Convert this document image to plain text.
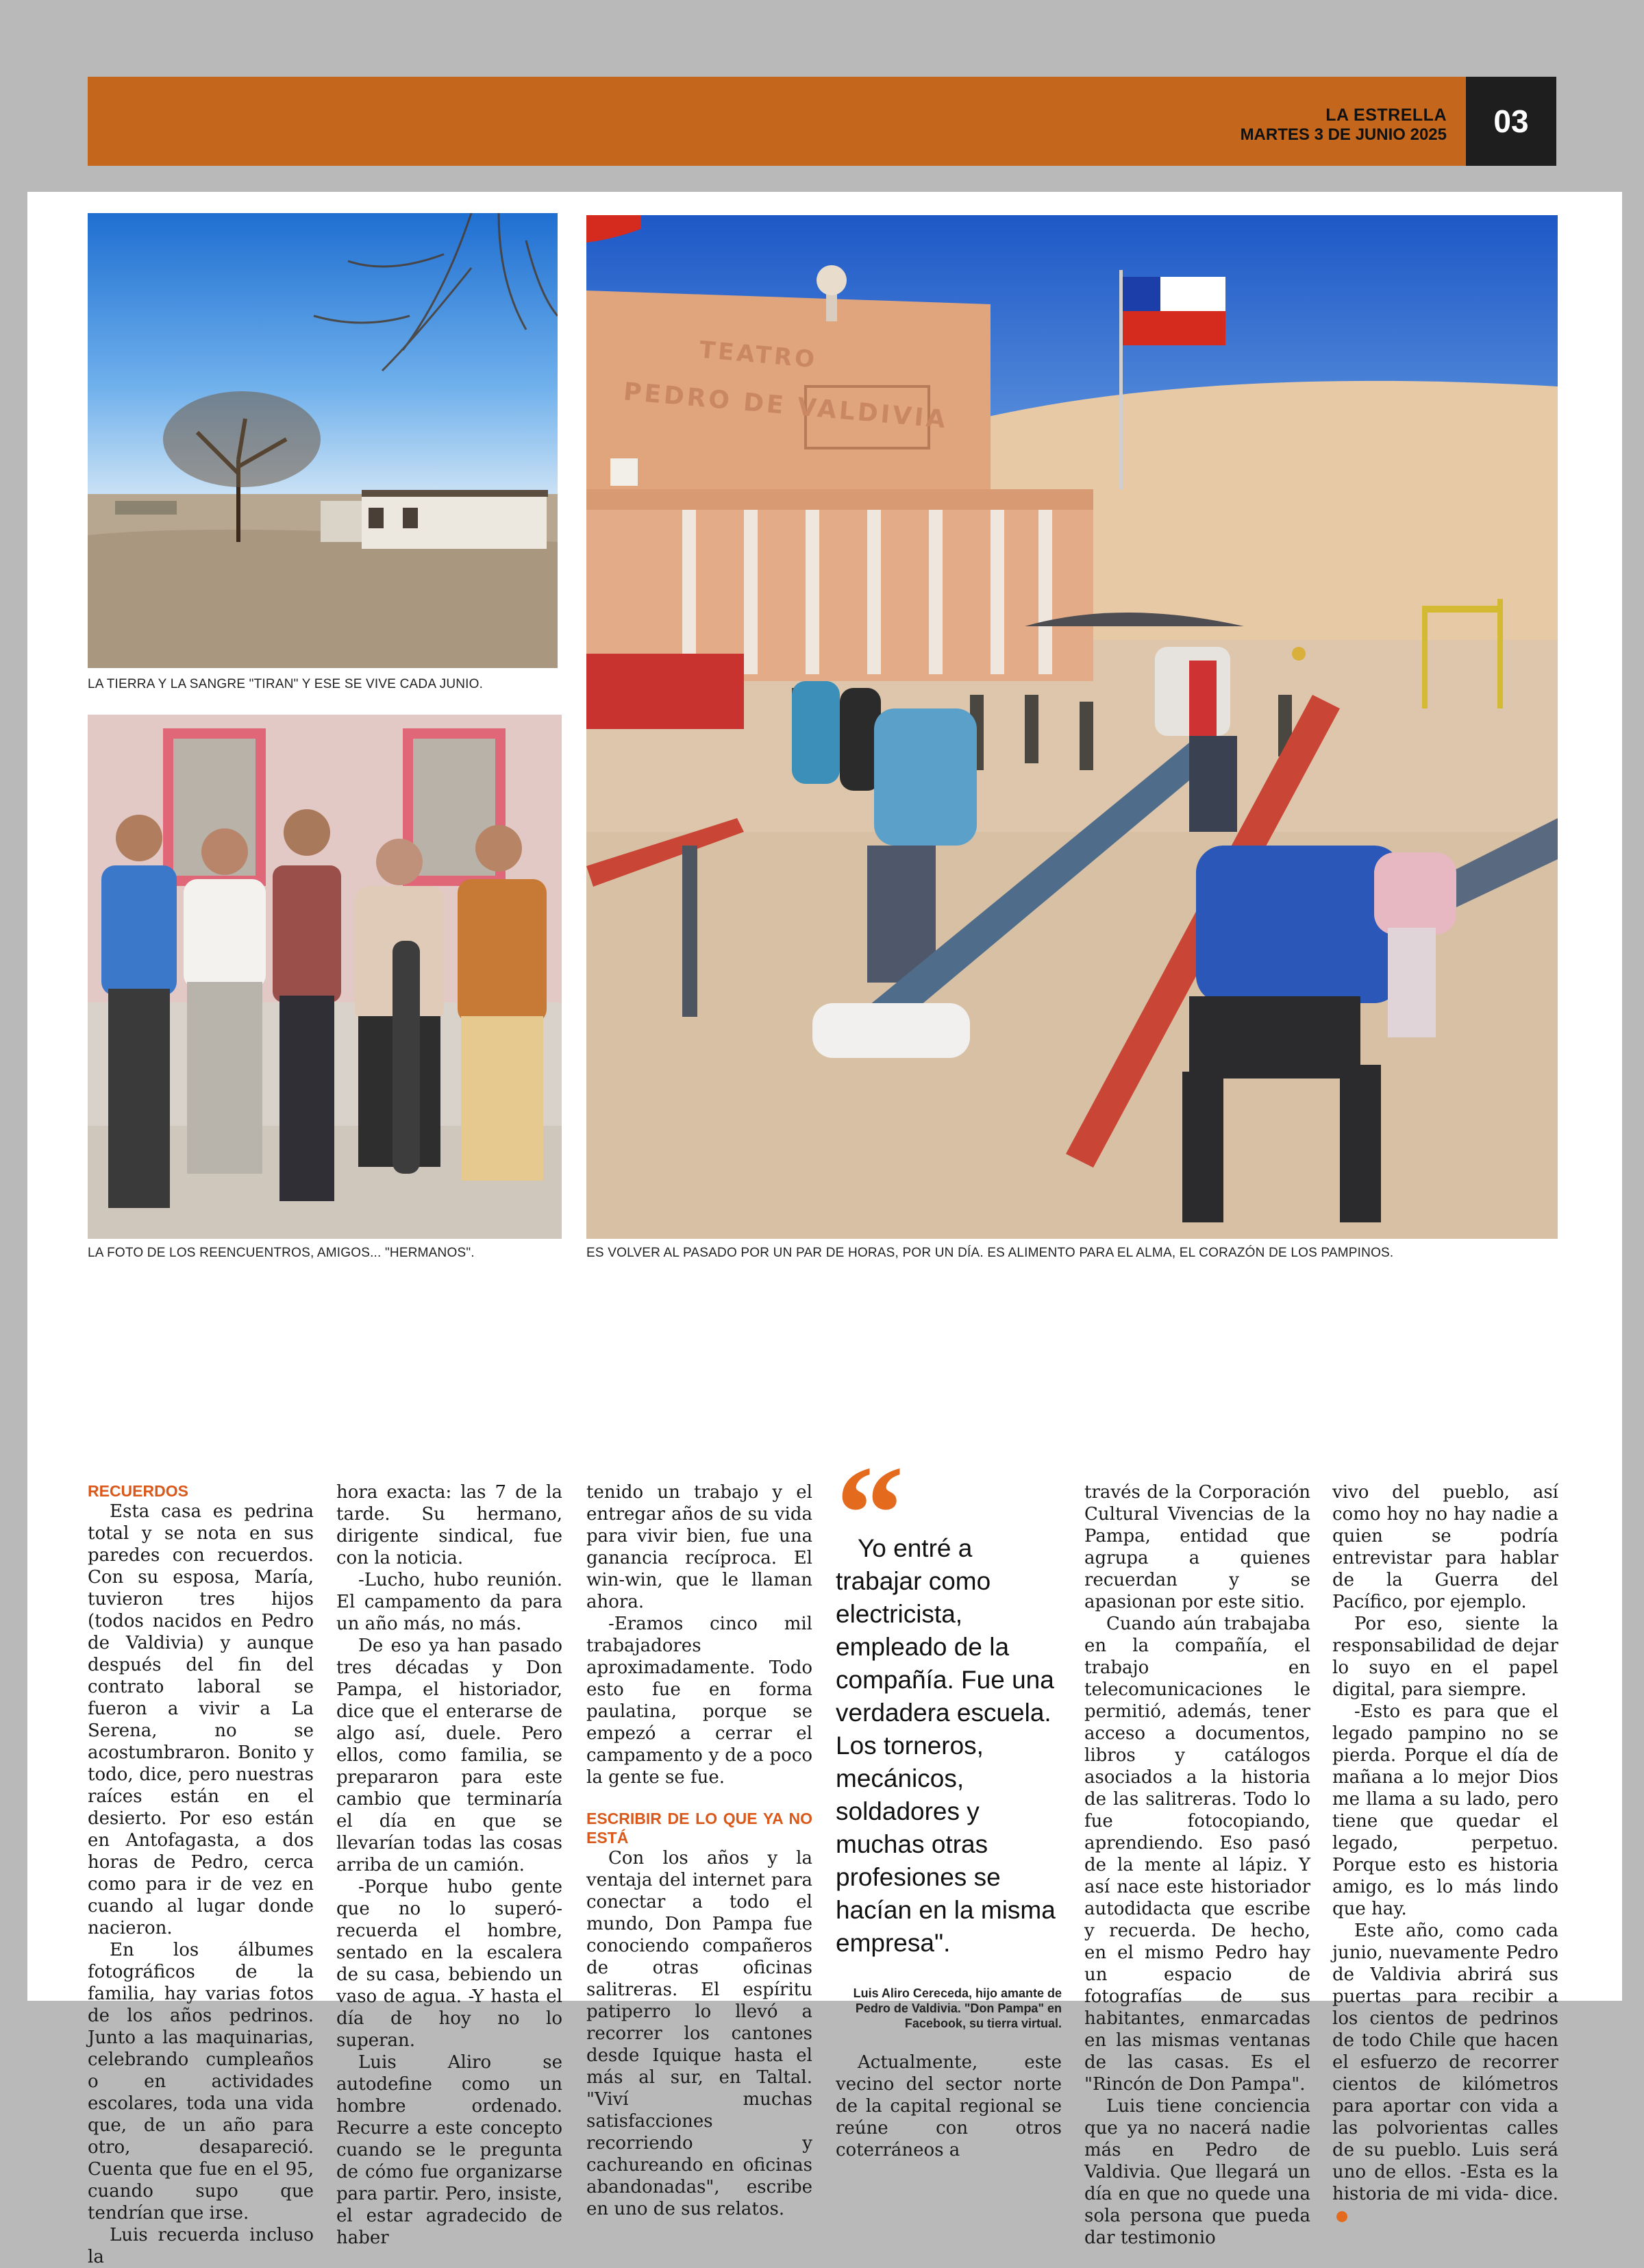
LA ESTRELLA
MARTES 3 DE JUNIO 2025	03
LA TIERRA Y LA SANGRE "TIRAN" Y ESE SE VIVE CADA JUNIO.
LA FOTO DE LOS REENCUENTROS, AMIGOS... "HERMANOS".
TEATRO
PEDRO DE VALDIVIA
ES VOLVER AL PASADO POR UN PAR DE HORAS, POR UN DÍA. ES ALIMENTO PARA EL ALMA, EL CORAZÓN DE LOS PAMPINOS.
RECUERDOS

Esta casa es pedrina total y se nota en sus paredes con recuerdos. Con su esposa, María, tuvieron tres hijos (todos nacidos en Pedro de Valdivia) y aunque después del fin del contrato laboral se fueron a vivir a La Serena, no se acostumbraron. Bonito y todo, dice, pero nuestras raíces están en el desierto. Por eso están en Antofagasta, a dos horas de Pedro, cerca como para ir de vez en cuando al lugar donde nacieron.

En los álbumes fotográficos de la familia, hay varias fotos de los años pedrinos. Junto a las maquinarias, celebrando cumpleaños o en actividades escolares, toda una vida que, de un año para otro, desapareció. Cuenta que fue en el 95, cuando supo que tendrían que irse.

Luis recuerda incluso la

hora exacta: las 7 de la tarde. Su hermano, dirigente sindical, fue con la noticia.

-Lucho, hubo reunión. El campamento da para un año más, no más.

De eso ya han pasado tres décadas y Don Pampa, el historiador, dice que el enterarse de algo así, duele. Pero ellos, como familia, se prepararon para este cambio que terminaría el día en que se llevarían todas las cosas arriba de un camión.

-Porque hubo gente que no lo superó- recuerda el hombre, sentado en la escalera de su casa, bebiendo un vaso de agua. -Y hasta el día de hoy no lo superan.

Luis Aliro se autodefine como un hombre ordenado. Recurre a este concepto cuando se le pregunta de cómo fue organizarse para partir. Pero, insiste, el estar agradecido de haber

tenido un trabajo y el entregar años de su vida para vivir bien, fue una ganancia recíproca. El win-win, que le llaman ahora.

-Eramos cinco mil trabajadores aproximadamente. Todo esto fue en forma paulatina, porque se empezó a cerrar el campamento y de a poco la gente se fue.

ESCRIBIR DE LO QUE YA NO ESTÁ

Con los años y la ventaja del internet para conectar a todo el mundo, Don Pampa fue conociendo compañeros de otras oficinas salitreras. El espíritu patiperro lo llevó a recorrer los cantones desde Iquique hasta el más al sur, en Taltal. "Viví muchas satisfacciones recorriendo y cachureando en oficinas abandonadas", escribe en uno de sus relatos.

Yo entré a trabajar como electricista, empleado de la compañía. Fue una verdadera escuela. Los torneros, mecánicos, soldadores y muchas otras profesiones se hacían en la misma empresa".

Luis Aliro Cereceda, hijo amante de Pedro de Valdivia. "Don Pampa" en Facebook, su tierra virtual.

Actualmente, este vecino del sector norte de la capital regional se reúne con otros coterráneos a

través de la Corporación Cultural Vivencias de la Pampa, entidad que agrupa a quienes recuerdan y se apasionan por este sitio.

Cuando aún trabajaba en la compañía, el trabajo en telecomunicaciones le permitió, además, tener acceso a documentos, libros y catálogos asociados a la historia de las salitreras. Todo lo fue fotocopiando, aprendiendo. Eso pasó de la mente al lápiz. Y así nace este historiador autodidacta que escribe y recuerda. De hecho, en el mismo Pedro hay un espacio de fotografías de sus habitantes, enmarcadas en las mismas ventanas de las casas. Es el "Rincón de Don Pampa".

Luis tiene conciencia que ya no nacerá nadie más en Pedro de Valdivia. Que llegará un día en que no quede una sola persona que pueda dar testimonio

vivo del pueblo, así como hoy no hay nadie a quien se podría entrevistar para hablar de la Guerra del Pacífico, por ejemplo.

Por eso, siente la responsabilidad de dejar lo suyo en el papel digital, para siempre.

-Esto es para que el legado pampino no se pierda. Porque el día de mañana a lo mejor Dios me llama a su lado, pero tiene que quedar el legado, perpetuo. Porque esto es historia amigo, es lo más lindo que hay.

Este año, como cada junio, nuevamente Pedro de Valdivia abrirá sus puertas para recibir a los cientos de pedrinos de todo Chile que hacen el esfuerzo de recorrer cientos de kilómetros para aportar con vida a las polvorientas calles de su pueblo. Luis será uno de ellos. -Esta es la historia de mi vida- dice.
